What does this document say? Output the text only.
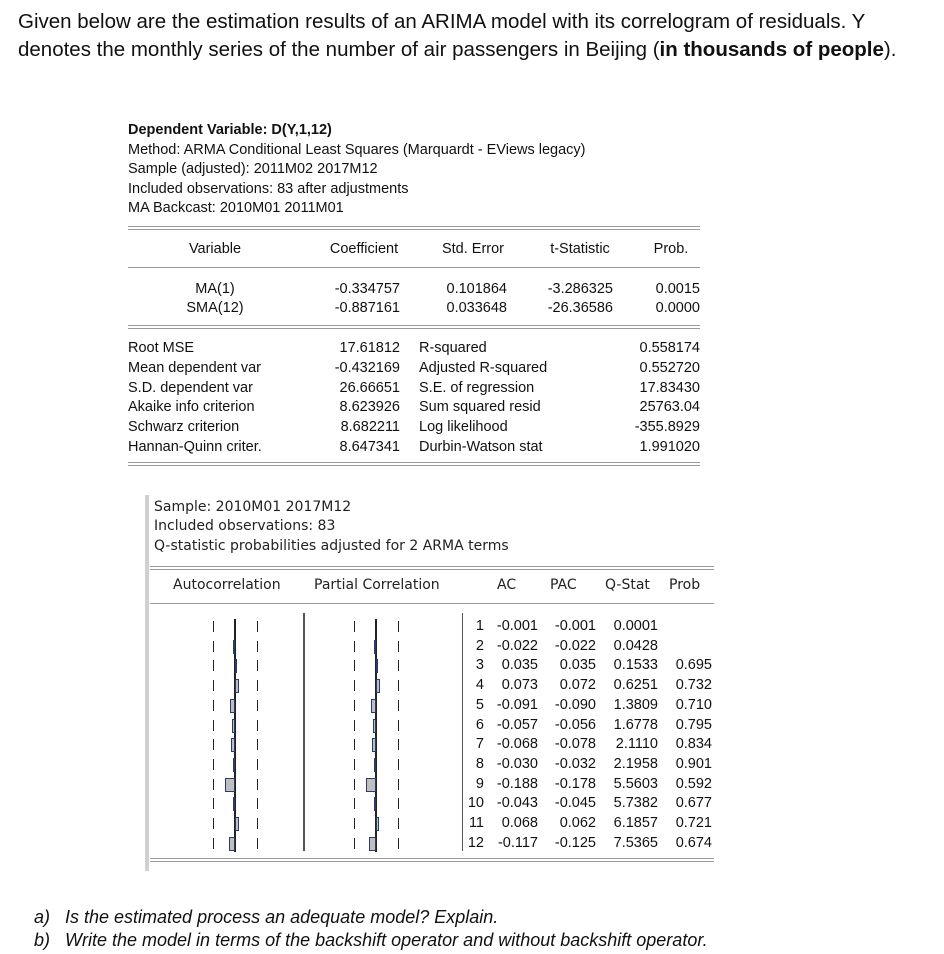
Given below are the estimation results of an ARIMA model with its correlogram of residuals. Y denotes the monthly series of the number of air passengers in Beijing (in thousands of people).
Dependent Variable: D(Y,1,12)
Method: ARMA Conditional Least Squares (Marquardt - EViews legacy)
Sample (adjusted): 2011M02 2017M12
Included observations: 83 after adjustments
MA Backcast: 2010M01 2011M01
Variable	Coefficient	Std. Error	t-Statistic	Prob.
MA(1)	-0.334757	0.101864	-3.286325	0.0015
SMA(12)	-0.887161	0.033648	-26.36586	0.0000
Root MSE	17.61812 R-squared	0.558174
Mean dependent var	-0.432169 Adjusted R-squared	0.552720
S.D. dependent var	26.66651 S.E. of regression	17.83430
Akaike info criterion	8.623926 Sum squared resid	25763.04
Schwarz criterion	8.682211 Log likelihood	-355.8929
Hannan-Quinn criter.	8.647341 Durbin-Watson stat	1.991020
Sample: 2010M01 2017M12
Included observations: 83
Q-statistic probabilities adjusted for 2 ARMA terms
Autocorrelation Partial Correlation	AC PAC Q-Stat Prob
1 -0.001	-0.001	0.0001
2 -0.022	-0.022	0.0428
3	0.035	0.035	0.1533	0.695
4	0.073	0.072	0.6251	0.732
5 -0.091	-0.090	1.3809	0.710
6 -0.057	-0.056	1.6778	0.795
7 -0.068	-0.078	2.1110	0.834
8 -0.030	-0.032	2.1958	0.901
9 -0.188	-0.178	5.5603	0.592
10 -0.043	-0.045	5.7382	0.677
11	0.068	0.062	6.1857	0.721
12 -0.117	-0.125	7.5365	0.674
a)   Is the estimated process an adequate model? Explain.
b)   Write the model in terms of the backshift operator and without backshift operator.
